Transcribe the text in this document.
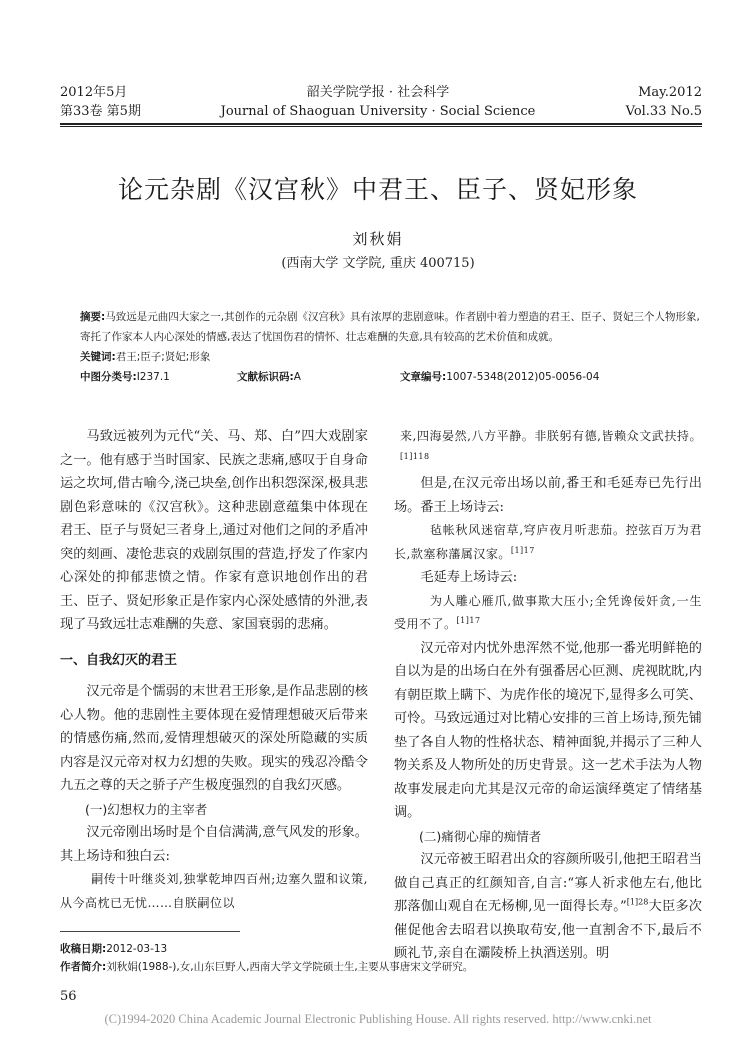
2012年5月
第33卷 第5期
韶关学院学报 · 社会科学
Journal of Shaoguan University · Social Science
May.2012
Vol.33 No.5
论元杂剧《汉宫秋》中君王、臣子、贤妃形象
刘秋娟
(西南大学 文学院, 重庆 400715)
摘要:马致远是元曲四大家之一,其创作的元杂剧《汉宫秋》具有浓厚的悲剧意味。作者剧中着力塑造的君王、臣子、贤妃三个人物形象,寄托了作家本人内心深处的情感,表达了忧国伤君的情怀、壮志难酬的失意,具有较高的艺术价值和成就。
关键词:君王;臣子;贤妃;形象
中图分类号:I237.1	文献标识码:A	文章编号:1007-5348(2012)05-0056-04

马致远被列为元代“关、马、郑、白”四大戏剧家之一。他有感于当时国家、民族之悲痛,感叹于自身命运之坎坷,借古喻今,浇己块垒,创作出积怨深深,极具悲剧色彩意味的《汉宫秋》。这种悲剧意蕴集中体现在君王、臣子与贤妃三者身上,通过对他们之间的矛盾冲突的刻画、凄怆悲哀的戏剧氛围的营造,抒发了作家内心深处的抑郁悲愤之情。作家有意识地创作出的君王、臣子、贤妃形象正是作家内心深处感情的外泄,表现了马致远壮志难酬的失意、家国衰弱的悲痛。

一、自我幻灭的君王

汉元帝是个懦弱的末世君王形象,是作品悲剧的核心人物。他的悲剧性主要体现在爱情理想破灭后带来的情感伤痛,然而,爱情理想破灭的深处所隐藏的实质内容是汉元帝对权力幻想的失败。现实的残忍冷酷令九五之尊的天之骄子产生极度强烈的自我幻灭感。

(一)幻想权力的主宰者

汉元帝刚出场时是个自信满满,意气风发的形象。其上场诗和独白云:

嗣传十叶继炎刘,独掌乾坤四百州;边塞久盟和议策,从今高枕已无忧……自朕嗣位以

来,四海晏然,八方平静。非朕躬有德,皆赖众文武扶持。$^{[1]118}$

但是,在汉元帝出场以前,番王和毛延寿已先行出场。番王上场诗云:

毡帐秋风迷宿草,穹庐夜月听悲茄。控弦百万为君长,款塞称藩属汉家。$^{[1]17}$

毛延寿上场诗云:

为人雕心雁爪,做事欺大压小;全凭谗佞奸贪,一生受用不了。$^{[1]17}$

汉元帝对内忧外患浑然不觉,他那一番光明鲜艳的自以为是的出场白在外有强番居心叵测、虎视眈眈,内有朝臣欺上瞒下、为虎作伥的境况下,显得多么可笑、可怜。马致远通过对比精心安排的三首上场诗,预先铺垫了各自人物的性格状态、精神面貌,并揭示了三种人物关系及人物所处的历史背景。这一艺术手法为人物故事发展走向尤其是汉元帝的命运演绎奠定了情绪基调。

(二)痛彻心扉的痴情者

汉元帝被王昭君出众的容颜所吸引,他把王昭君当做自己真正的红颜知音,自言:“寡人祈求他左右,他比那落伽山观自在无杨柳,见一面得长寿。”$^{[1]28}$大臣多次催促他舍去昭君以换取苟安,他一直割舍不下,最后不顾礼节,亲自在灞陵桥上执酒送别。明

收稿日期:2012-03-13
作者简介:刘秋娟(1988-),女,山东巨野人,西南大学文学院硕士生,主要从事唐宋文学研究。
56
(C)1994-2020 China Academic Journal Electronic Publishing House. All rights reserved. http://www.cnki.net
